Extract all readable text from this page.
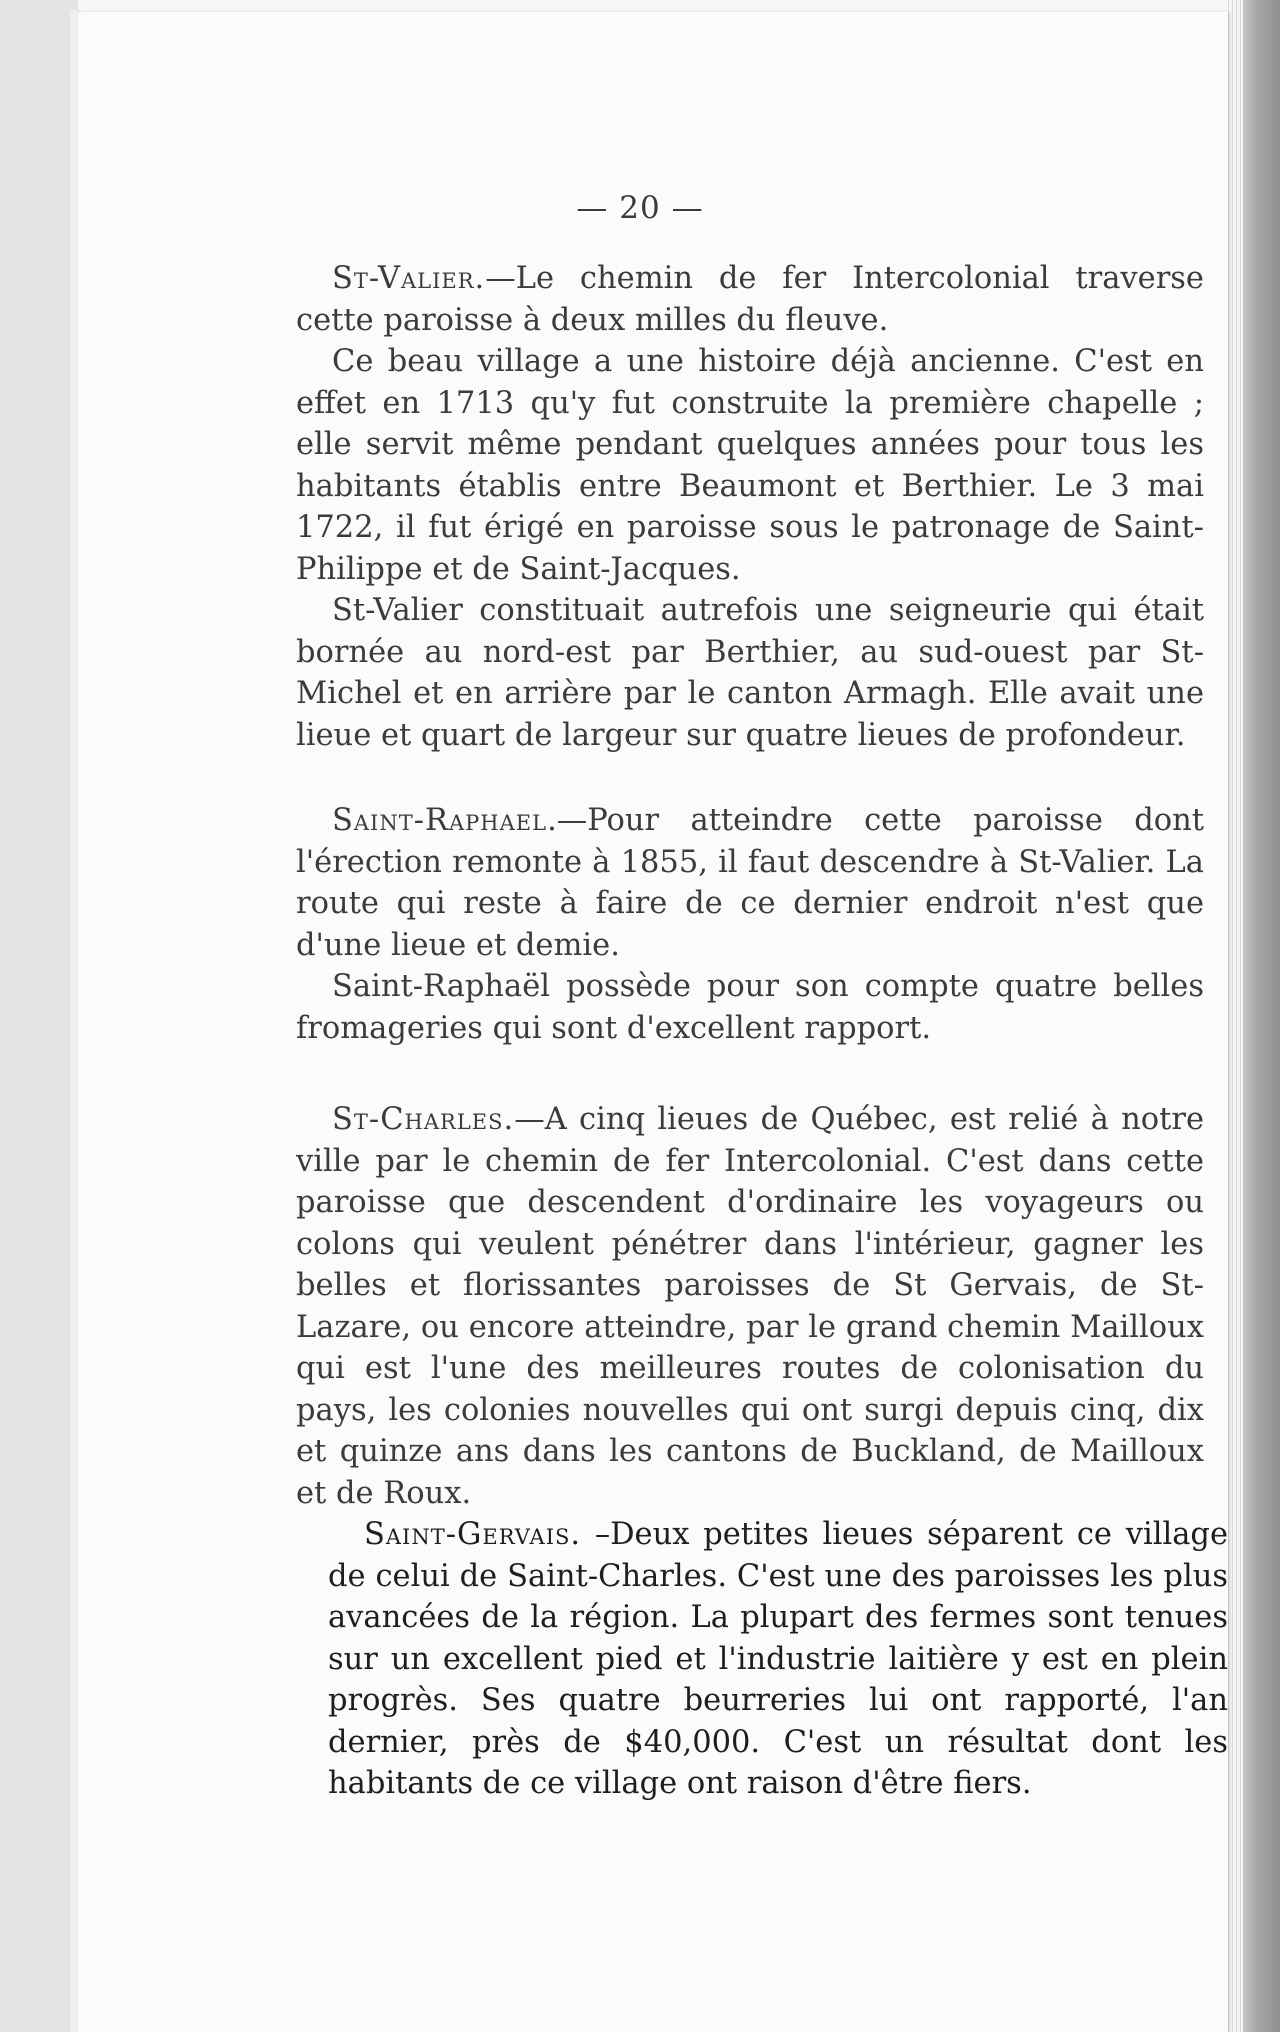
— 20 —

St-Valier.—Le chemin de fer Intercolonial traverse cette paroisse à deux milles du fleuve.

Ce beau village a une histoire déjà ancienne. C'est en effet en 1713 qu'y fut construite la première chapelle ; elle servit même pendant quelques années pour tous les habitants établis entre Beaumont et Berthier. Le 3 mai 1722, il fut érigé en paroisse sous le patronage de Saint-Philippe et de Saint-Jacques.

St-Valier constituait autrefois une seigneurie qui était bornée au nord-est par Berthier, au sud-ouest par St-Michel et en arrière par le canton Armagh. Elle avait une lieue et quart de largeur sur quatre lieues de profondeur.

Saint-Raphael.—Pour atteindre cette paroisse dont l'érection remonte à 1855, il faut descendre à St-Valier. La route qui reste à faire de ce dernier endroit n'est que d'une lieue et demie.

Saint-Raphaël possède pour son compte quatre belles fromageries qui sont d'excellent rapport.

St-Charles.—A cinq lieues de Québec, est relié à notre ville par le chemin de fer Intercolonial. C'est dans cette paroisse que descendent d'ordinaire les voyageurs ou colons qui veulent pénétrer dans l'intérieur, gagner les belles et florissantes paroisses de St Gervais, de St-Lazare, ou encore atteindre, par le grand chemin Mailloux qui est l'une des meilleures routes de colonisation du pays, les colonies nouvelles qui ont surgi depuis cinq, dix et quinze ans dans les cantons de Buckland, de Mailloux et de Roux.

Saint-Gervais. –Deux petites lieues séparent ce village de celui de Saint-Charles. C'est une des paroisses les plus avancées de la région. La plupart des fermes sont tenues sur un excellent pied et l'industrie laitière y est en plein progrès. Ses quatre beurreries lui ont rapporté, l'an dernier, près de $40,000. C'est un résultat dont les habitants de ce village ont raison d'être fiers.
